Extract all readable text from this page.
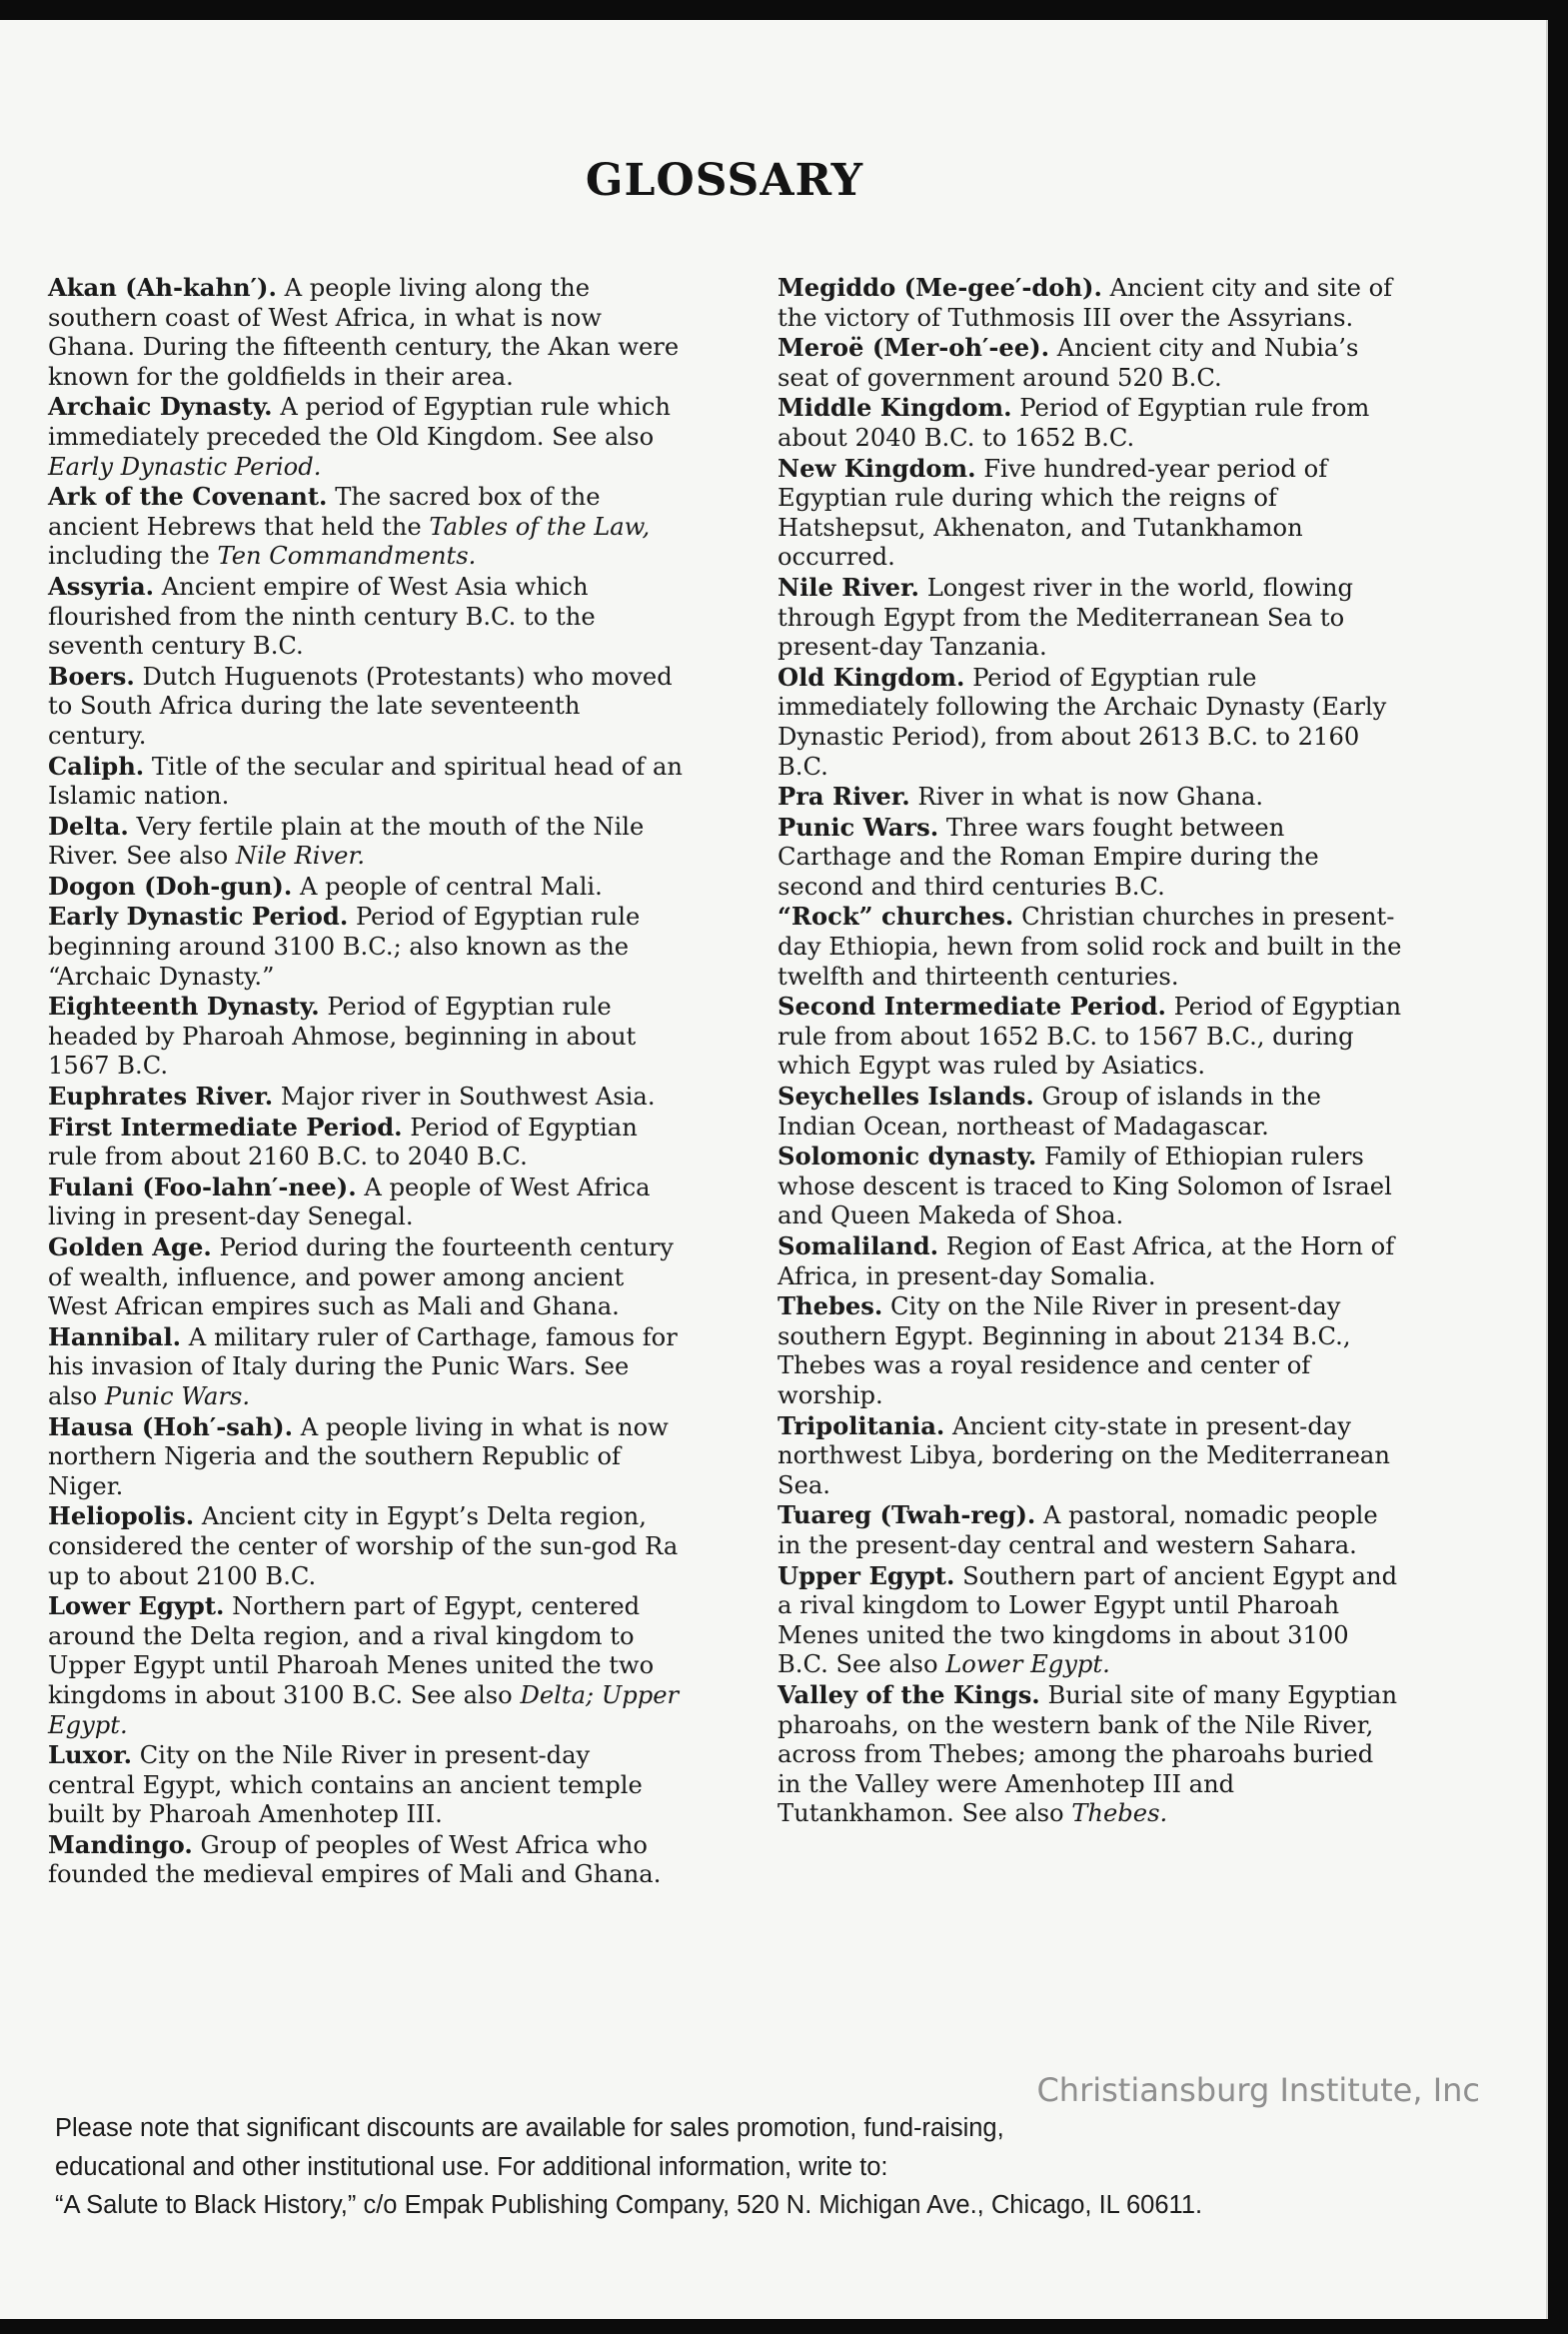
GLOSSARY

Akan (Ah-kahn′). A people living along the southern coast of West Africa, in what is now Ghana. During the fifteenth century, the Akan were known for the goldfields in their area.

Archaic Dynasty. A period of Egyptian rule which immediately preceded the Old Kingdom. See also Early Dynastic Period.

Ark of the Covenant. The sacred box of the ancient Hebrews that held the Tables of the Law, including the Ten Commandments.

Assyria. Ancient empire of West Asia which flourished from the ninth century B.C. to the seventh century B.C.

Boers. Dutch Huguenots (Protestants) who moved to South Africa during the late seventeenth century.

Caliph. Title of the secular and spiritual head of an Islamic nation.

Delta. Very fertile plain at the mouth of the Nile River. See also Nile River.

Dogon (Doh-gun). A people of central Mali.

Early Dynastic Period. Period of Egyptian rule beginning around 3100 B.C.; also known as the “Archaic Dynasty.”

Eighteenth Dynasty. Period of Egyptian rule headed by Pharoah Ahmose, beginning in about 1567 B.C.

Euphrates River. Major river in Southwest Asia.

First Intermediate Period. Period of Egyptian rule from about 2160 B.C. to 2040 B.C.

Fulani (Foo-lahn′-nee). A people of West Africa living in present-day Senegal.

Golden Age. Period during the fourteenth century of wealth, influence, and power among ancient West African empires such as Mali and Ghana.

Hannibal. A military ruler of Carthage, famous for his invasion of Italy during the Punic Wars. See also Punic Wars.

Hausa (Hoh′-sah). A people living in what is now northern Nigeria and the southern Republic of Niger.

Heliopolis. Ancient city in Egypt’s Delta region, considered the center of worship of the sun-god Ra up to about 2100 B.C.

Lower Egypt. Northern part of Egypt, centered around the Delta region, and a rival kingdom to Upper Egypt until Pharoah Menes united the two kingdoms in about 3100 B.C. See also Delta; Upper Egypt.

Luxor. City on the Nile River in present-day central Egypt, which contains an ancient temple built by Pharoah Amenhotep III.

Mandingo. Group of peoples of West Africa who founded the medieval empires of Mali and Ghana.

Megiddo (Me-gee′-doh). Ancient city and site of the victory of Tuthmosis III over the Assyrians.

Meroë (Mer-oh′-ee). Ancient city and Nubia’s seat of government around 520 B.C.

Middle Kingdom. Period of Egyptian rule from about 2040 B.C. to 1652 B.C.

New Kingdom. Five hundred-year period of Egyptian rule during which the reigns of Hatshepsut, Akhenaton, and Tutankhamon occurred.

Nile River. Longest river in the world, flowing through Egypt from the Mediterranean Sea to present-day Tanzania.

Old Kingdom. Period of Egyptian rule immediately following the Archaic Dynasty (Early Dynastic Period), from about 2613 B.C. to 2160 B.C.

Pra River. River in what is now Ghana.

Punic Wars. Three wars fought between Carthage and the Roman Empire during the second and third centuries B.C.

“Rock” churches. Christian churches in present-day Ethiopia, hewn from solid rock and built in the twelfth and thirteenth centuries.

Second Intermediate Period. Period of Egyptian rule from about 1652 B.C. to 1567 B.C., during which Egypt was ruled by Asiatics.

Seychelles Islands. Group of islands in the Indian Ocean, northeast of Madagascar.

Solomonic dynasty. Family of Ethiopian rulers whose descent is traced to King Solomon of Israel and Queen Makeda of Shoa.

Somaliland. Region of East Africa, at the Horn of Africa, in present-day Somalia.

Thebes. City on the Nile River in present-day southern Egypt. Beginning in about 2134 B.C., Thebes was a royal residence and center of worship.

Tripolitania. Ancient city-state in present-day northwest Libya, bordering on the Mediterranean Sea.

Tuareg (Twah-reg). A pastoral, nomadic people in the present-day central and western Sahara.

Upper Egypt. Southern part of ancient Egypt and a rival kingdom to Lower Egypt until Pharoah Menes united the two kingdoms in about 3100 B.C. See also Lower Egypt.

Valley of the Kings. Burial site of many Egyptian pharoahs, on the western bank of the Nile River, across from Thebes; among the pharoahs buried in the Valley were Amenhotep III and Tutankhamon. See also Thebes.

Please note that significant discounts are available for sales promotion, fund-raising,

educational and other institutional use. For additional information, write to:

“A Salute to Black History,” c/o Empak Publishing Company, 520 N. Michigan Ave., Chicago, IL 60611.

Christiansburg Institute, Inc
